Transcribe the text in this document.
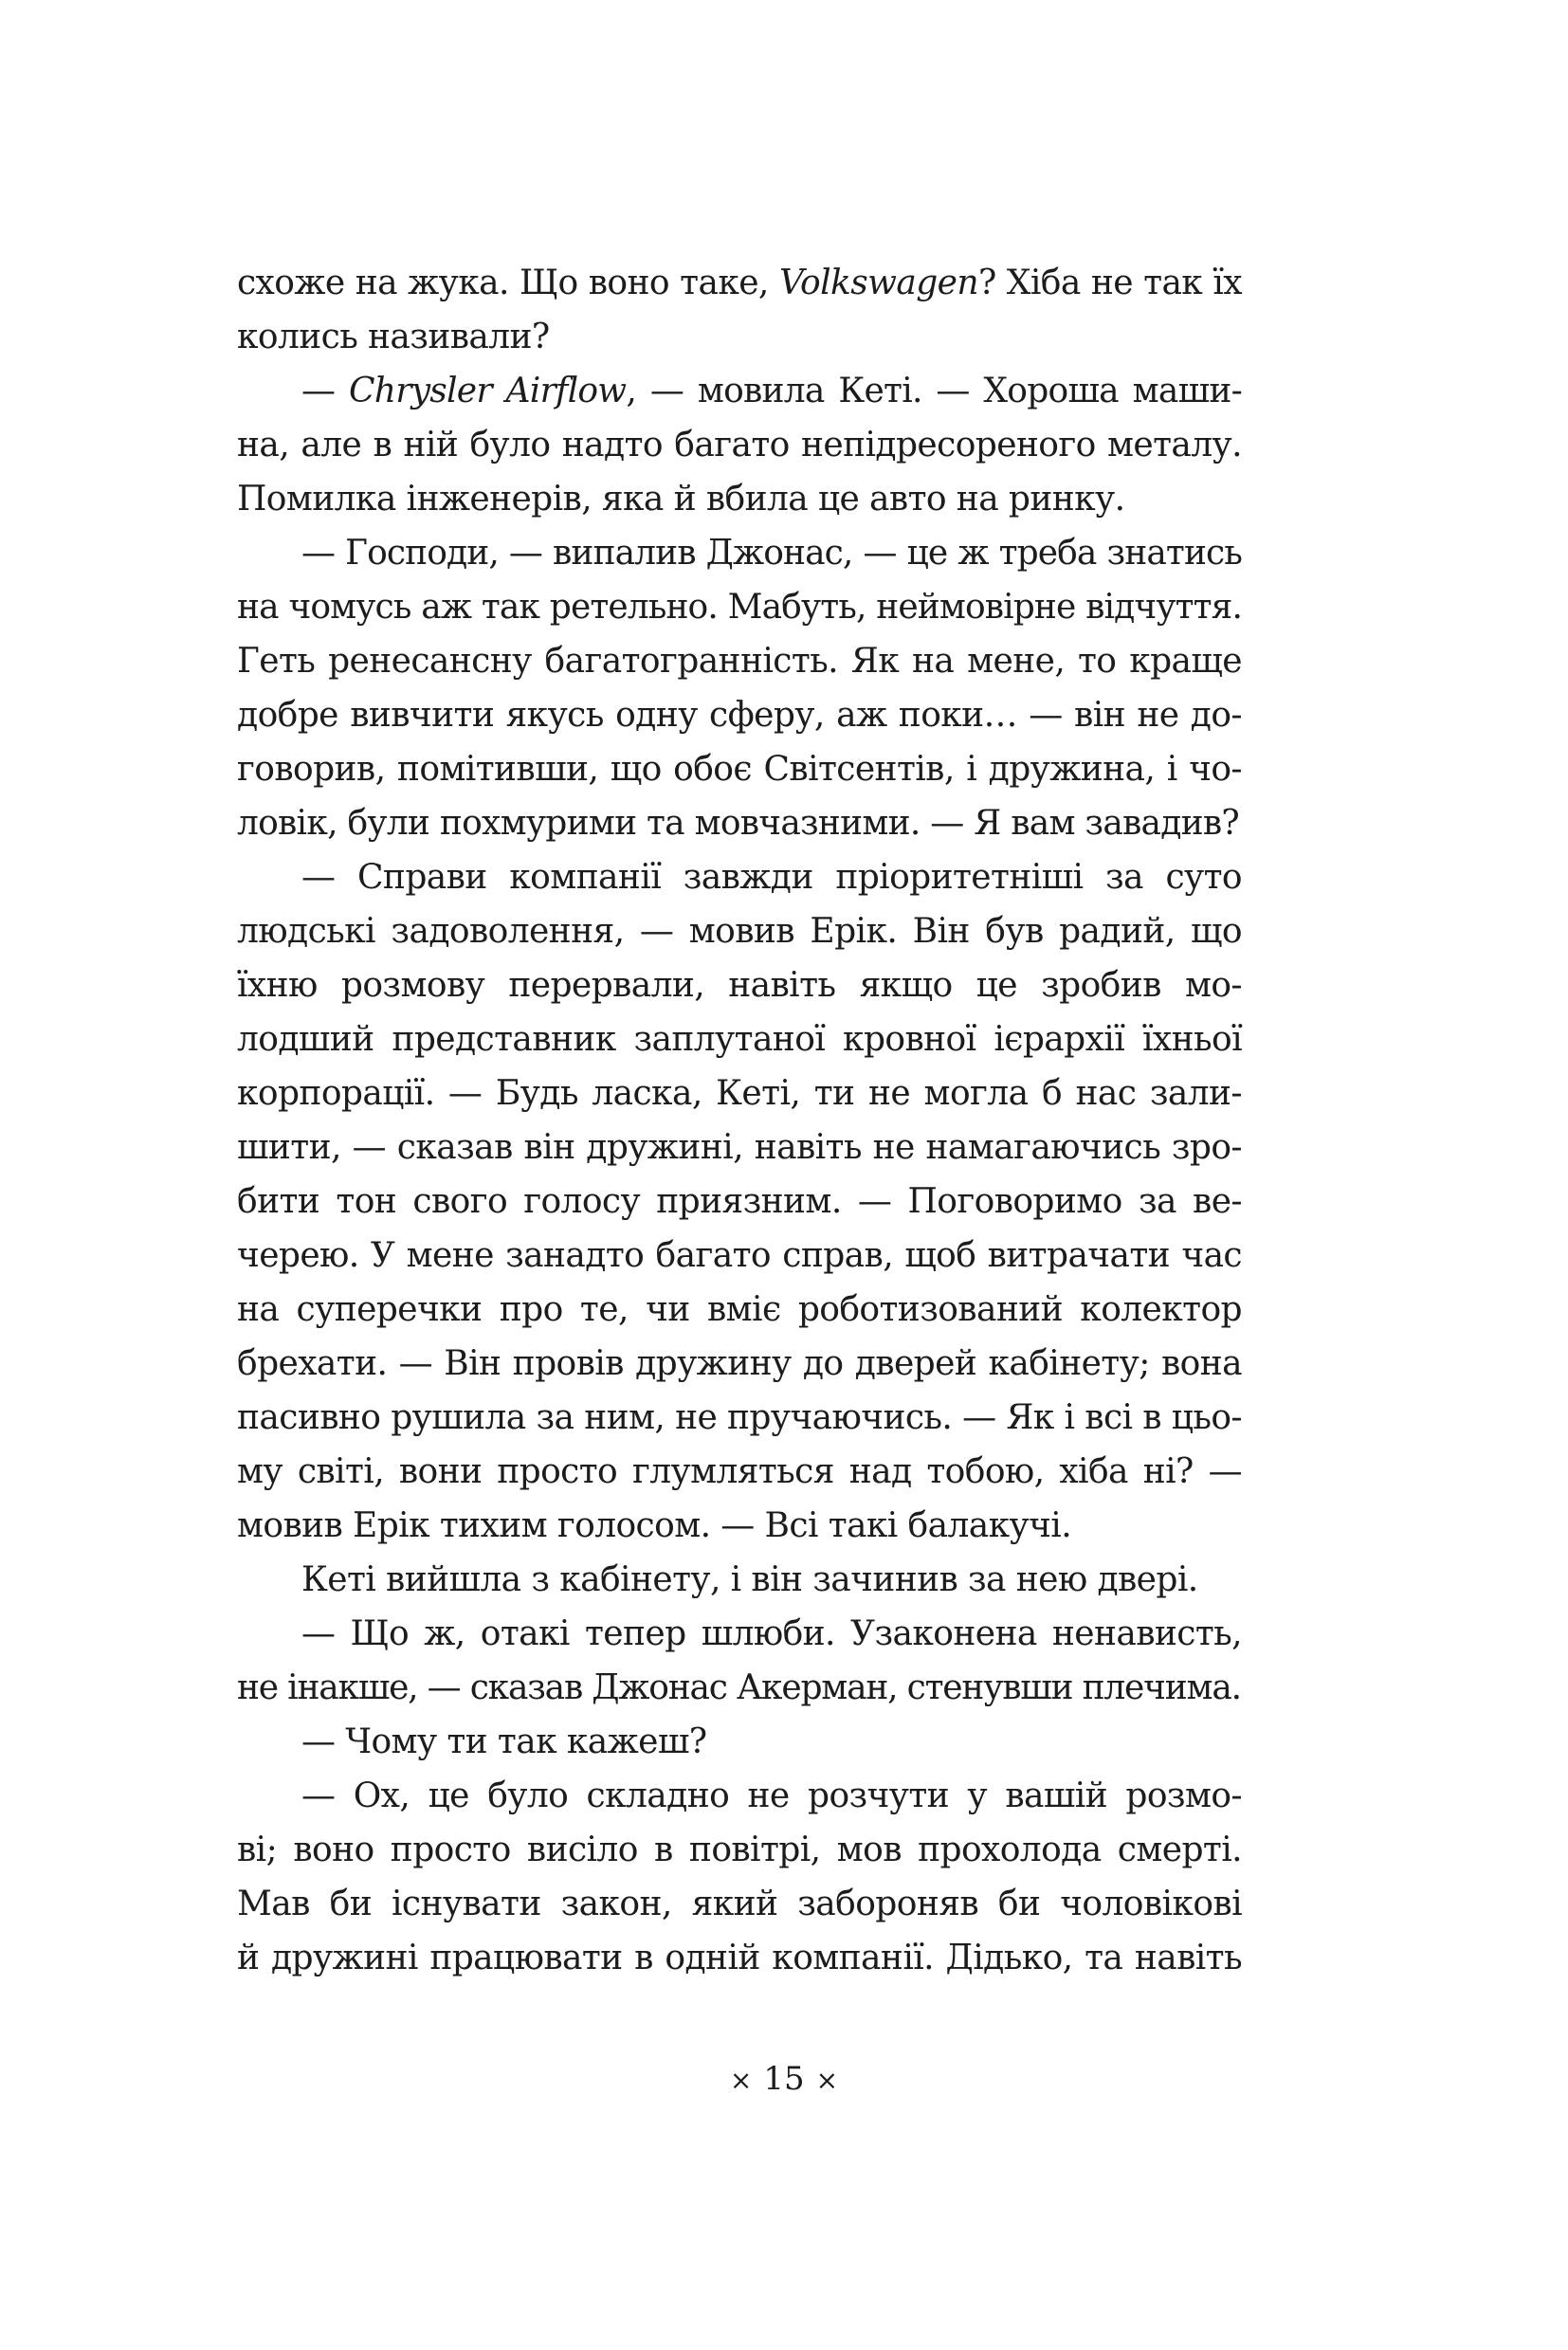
схоже на жука. Що воно таке, Volkswagen? Хіба не так їх
колись називали?
— Chrysler Airflow, — мовила Кеті. — Хороша маши-
на, але в ній було надто багато непідресореного металу.
Помилка інженерів, яка й вбила це авто на ринку.
— Господи, — випалив Джонас, — це ж треба знатись
на чомусь аж так ретельно. Мабуть, неймовірне відчуття.
Геть ренесансну багатогранність. Як на мене, то краще
добре вивчити якусь одну сферу, аж поки… — він не до-
говорив, помітивши, що обоє Світсентів, і дружина, і чо-
ловік, були похмурими та мовчазними. — Я вам завадив?
— Справи компанії завжди пріоритетніші за суто
людські задоволення, — мовив Ерік. Він був радий, що
їхню розмову перервали, навіть якщо це зробив мо-
лодший представник заплутаної кровної ієрархії їхньої
корпорації. — Будь ласка, Кеті, ти не могла б нас зали-
шити, — сказав він дружині, навіть не намагаючись зро-
бити тон свого голосу приязним. — Поговоримо за ве-
черею. У мене занадто багато справ, щоб витрачати час
на суперечки про те, чи вміє роботизований колектор
брехати. — Він провів дружину до дверей кабінету; вона
пасивно рушила за ним, не пручаючись. — Як і всі в цьо-
му світі, вони просто глумляться над тобою, хіба ні? —
мовив Ерік тихим голосом. — Всі такі балакучі.
Кеті вийшла з кабінету, і він зачинив за нею двері.
— Що ж, отакі тепер шлюби. Узаконена ненависть,
не інакше, — сказав Джонас Акерман, стенувши плечима.
— Чому ти так кажеш?
— Ох, це було складно не розчути у вашій розмо-
ві; воно просто висіло в повітрі, мов прохолода смерті.
Мав би існувати закон, який забороняв би чоловікові
й дружині працювати в одній компанії. Дідько, та навіть
× 15 ×
